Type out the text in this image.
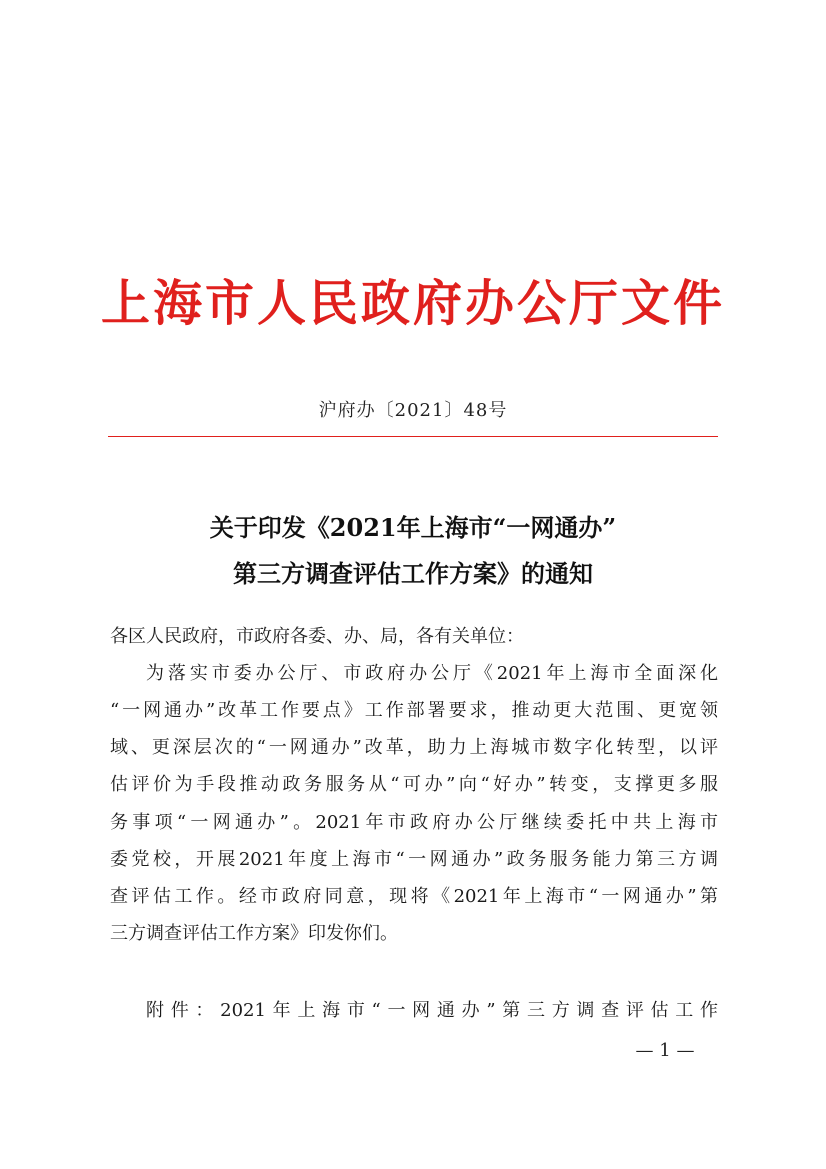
上海市人民政府办公厅文件
沪府办〔2021〕48号
关于印发《2021年上海市“一网通办”
第三方调查评估工作方案》的通知
各区人民政府，市政府各委、办、局，各有关单位：
为落实市委办公厅、市政府办公厅《2021年上海市全面深化
“一网通办”改革工作要点》工作部署要求，推动更大范围、更宽领
域、更深层次的“一网通办”改革，助力上海城市数字化转型，以评
估评价为手段推动政务服务从“可办”向“好办”转变，支撑更多服
务事项“一网通办”。2021年市政府办公厅继续委托中共上海市
委党校，开展2021年度上海市“一网通办”政务服务能力第三方调
查评估工作。经市政府同意，现将《2021年上海市“一网通办”第
三方调查评估工作方案》印发你们。
附件：2021年上海市“一网通办”第三方调查评估工作
— 1 —
